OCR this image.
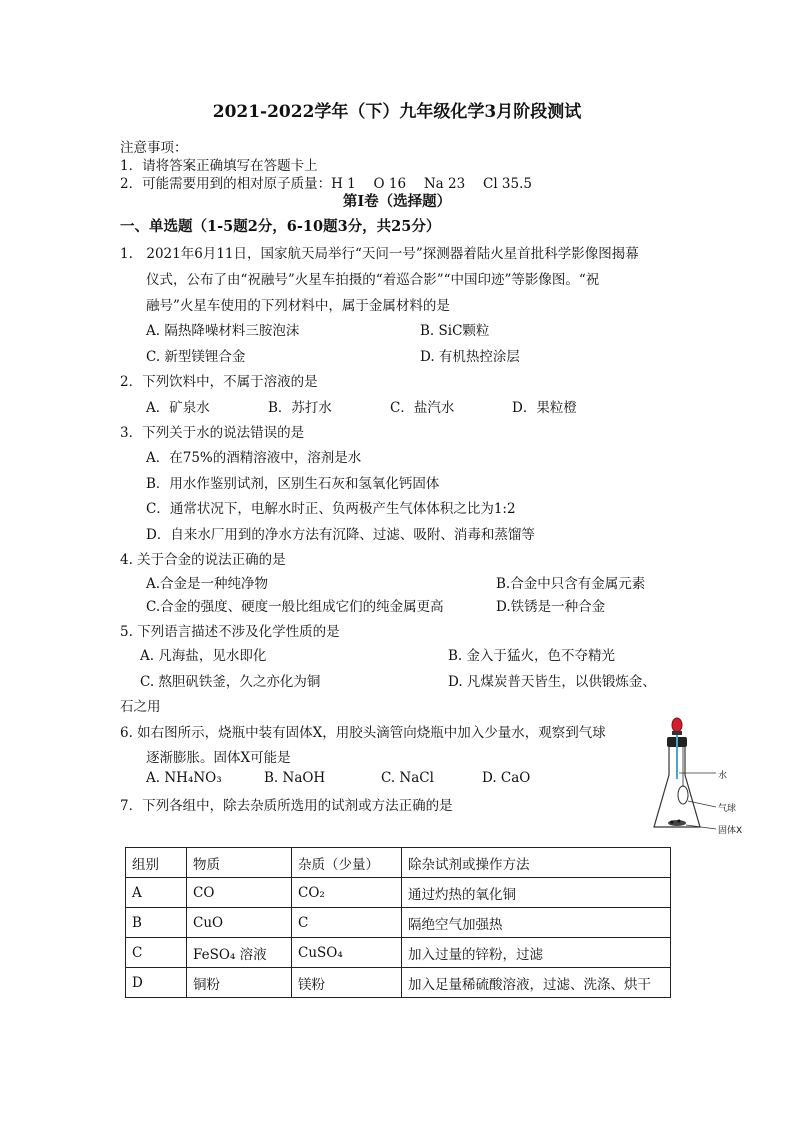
2021-2022学年（下）九年级化学3月阶段测试
注意事项：
1．请将答案正确填写在答题卡上
2．可能需要用到的相对原子质量：H 1　 O 16　 Na 23　 Cl 35.5
第Ⅰ卷（选择题）
一、单选题（1-5题2分，6-10题3分，共25分）
1.　2021年6月11日，国家航天局举行“天问一号”探测器着陆火星首批科学影像图揭幕
仪式，公布了由“祝融号”火星车拍摄的“着巡合影”“中国印迹”等影像图。“祝
融号”火星车使用的下列材料中，属于金属材料的是
A. 隔热降噪材料三胺泡沫	B. SiC颗粒
C. 新型镁锂合金	D. 有机热控涂层
2．下列饮料中，不属于溶液的是
A．矿泉水	B．苏打水	C．盐汽水	D．果粒橙
3．下列关于水的说法错误的是
A．在75%的酒精溶液中，溶剂是水
B．用水作鉴别试剂，区别生石灰和氢氧化钙固体
C．通常状况下，电解水时正、负两极产生气体体积之比为1:2
D．自来水厂用到的净水方法有沉降、过滤、吸附、消毒和蒸馏等
4. 关于合金的说法正确的是
A.合金是一种纯净物	B.合金中只含有金属元素
C.合金的强度、硬度一般比组成它们的纯金属更高	D.铁锈是一种合金
5. 下列语言描述不涉及化学性质的是
A. 凡海盐，见水即化	B. 金入于猛火，色不夺精光
C. 熬胆矾铁釜，久之亦化为铜	D. 凡煤炭普天皆生，以供锻炼金、
石之用
6. 如右图所示，烧瓶中装有固体X，用胶头滴管向烧瓶中加入少量水，观察到气球
逐渐膨胀。固体X可能是
A. NH₄NO₃	B. NaOH	C. NaCl	D. CaO	水
气球
固体X
7．下列各组中，除去杂质所选用的试剂或方法正确的是
组别	物质	杂质（少量）	除杂试剂或操作方法
A	CO	CO₂	通过灼热的氧化铜
B	CuO	C	隔绝空气加强热
C	FeSO₄ 溶液	CuSO₄	加入过量的锌粉，过滤
D	铜粉	镁粉	加入足量稀硫酸溶液，过滤、洗涤、烘干
